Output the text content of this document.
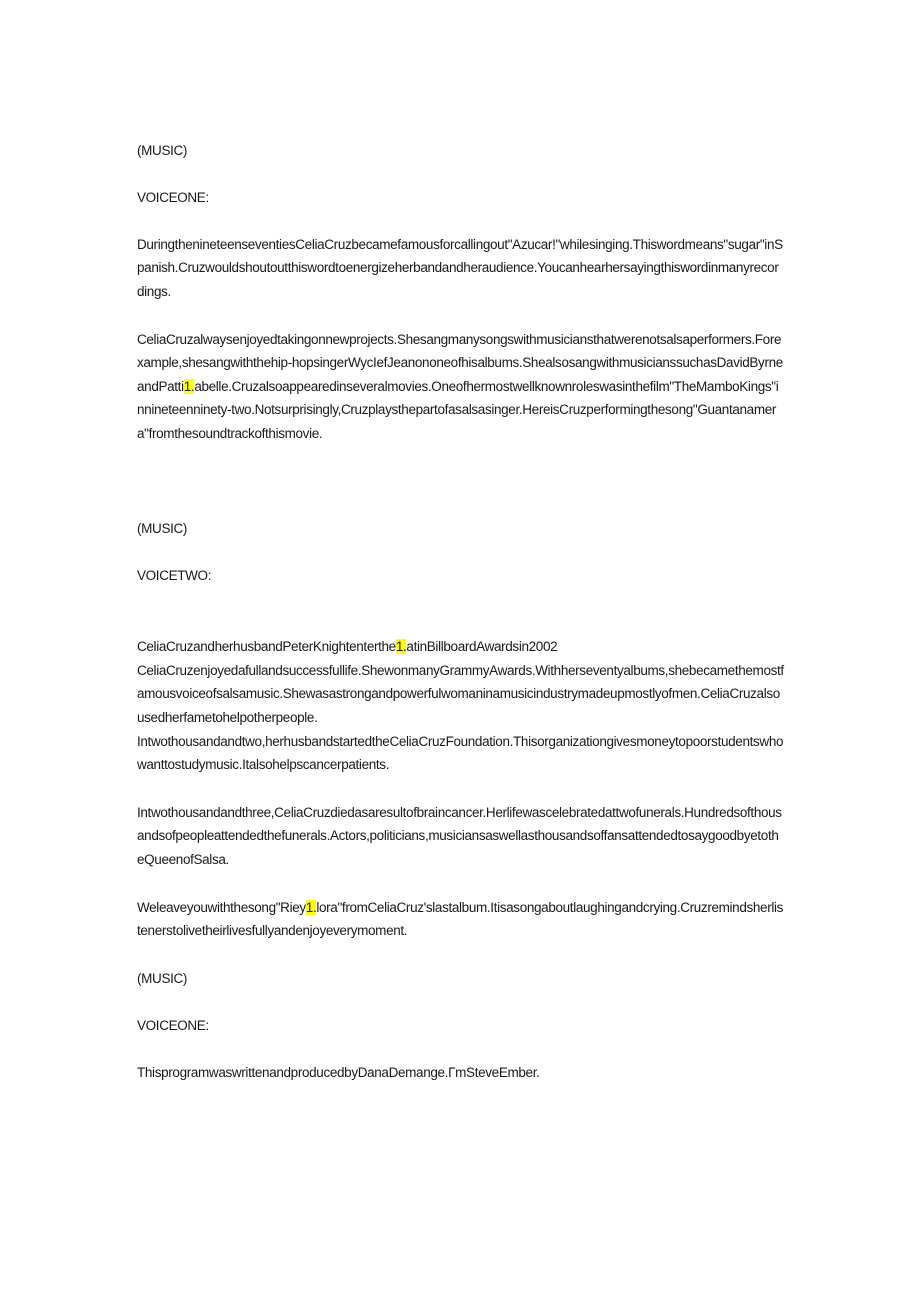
(MUSIC)

VOICEONE:

DuringthenineteenseventiesCeliaCruzbecamefamousforcallingout"Azucar!"whilesinging.Thiswordmeans"sugar"inSpanish.Cruzwouldshoutoutthiswordtoenergizeherbandandheraudience.Youcanhearhersayingthiswordinmanyrecordings.

CeliaCruzalwaysenjoyedtakingonnewprojects.Shesangmanysongswithmusiciansthatwerenotsalsaperformers.Forexample,shesangwiththehip-hopsingerWycIefJeanononeofhisalbums.ShealsosangwithmusicianssuchasDavidByrneandPatti1.abelle.Cruzalsoappearedinseveralmovies.Oneofhermostwellknownroleswasinthefilm"TheMamboKings"innineteenninety-two.Notsurprisingly,Cruzplaysthepartofasalsasinger.HereisCruzperformingthesong"Guantanamera"fromthesoundtrackofthismovie.

(MUSIC)

VOICETWO:

CeliaCruzandherhusbandPeterKnightenterthe1.atinBillboardAwardsin2002

CeliaCruzenjoyedafullandsuccessfullife.ShewonmanyGrammyAwards.Withherseventyalbums,shebecamethemostfamousvoiceofsalsamusic.Shewasastrongandpowerfulwomaninamusicindustrymadeupmostlyofmen.CeliaCruzalsousedherfametohelpotherpeople.

Intwothousandandtwo,herhusbandstartedtheCeliaCruzFoundation.Thisorganizationgivesmoneytopoorstudentswhowanttostudymusic.Italsohelpscancerpatients.

Intwothousandandthree,CeliaCruzdiedasaresultofbraincancer.Herlifewascelebratedattwofunerals.Hundredsofthousandsofpeopleattendedthefunerals.Actors,politicians,musiciansaswellasthousandsoffansattendedtosaygoodbyetotheQueenofSalsa.

Weleaveyouwiththesong"Riey1.lora"fromCeliaCruz'slastalbum.Itisasongaboutlaughingandcrying.Cruzremindsherlistenerstolivetheirlivesfullyandenjoyeverymoment.

(MUSIC)

VOICEONE:

ThisprogramwaswrittenandproducedbyDanaDemange.ΓmSteveEmber.
